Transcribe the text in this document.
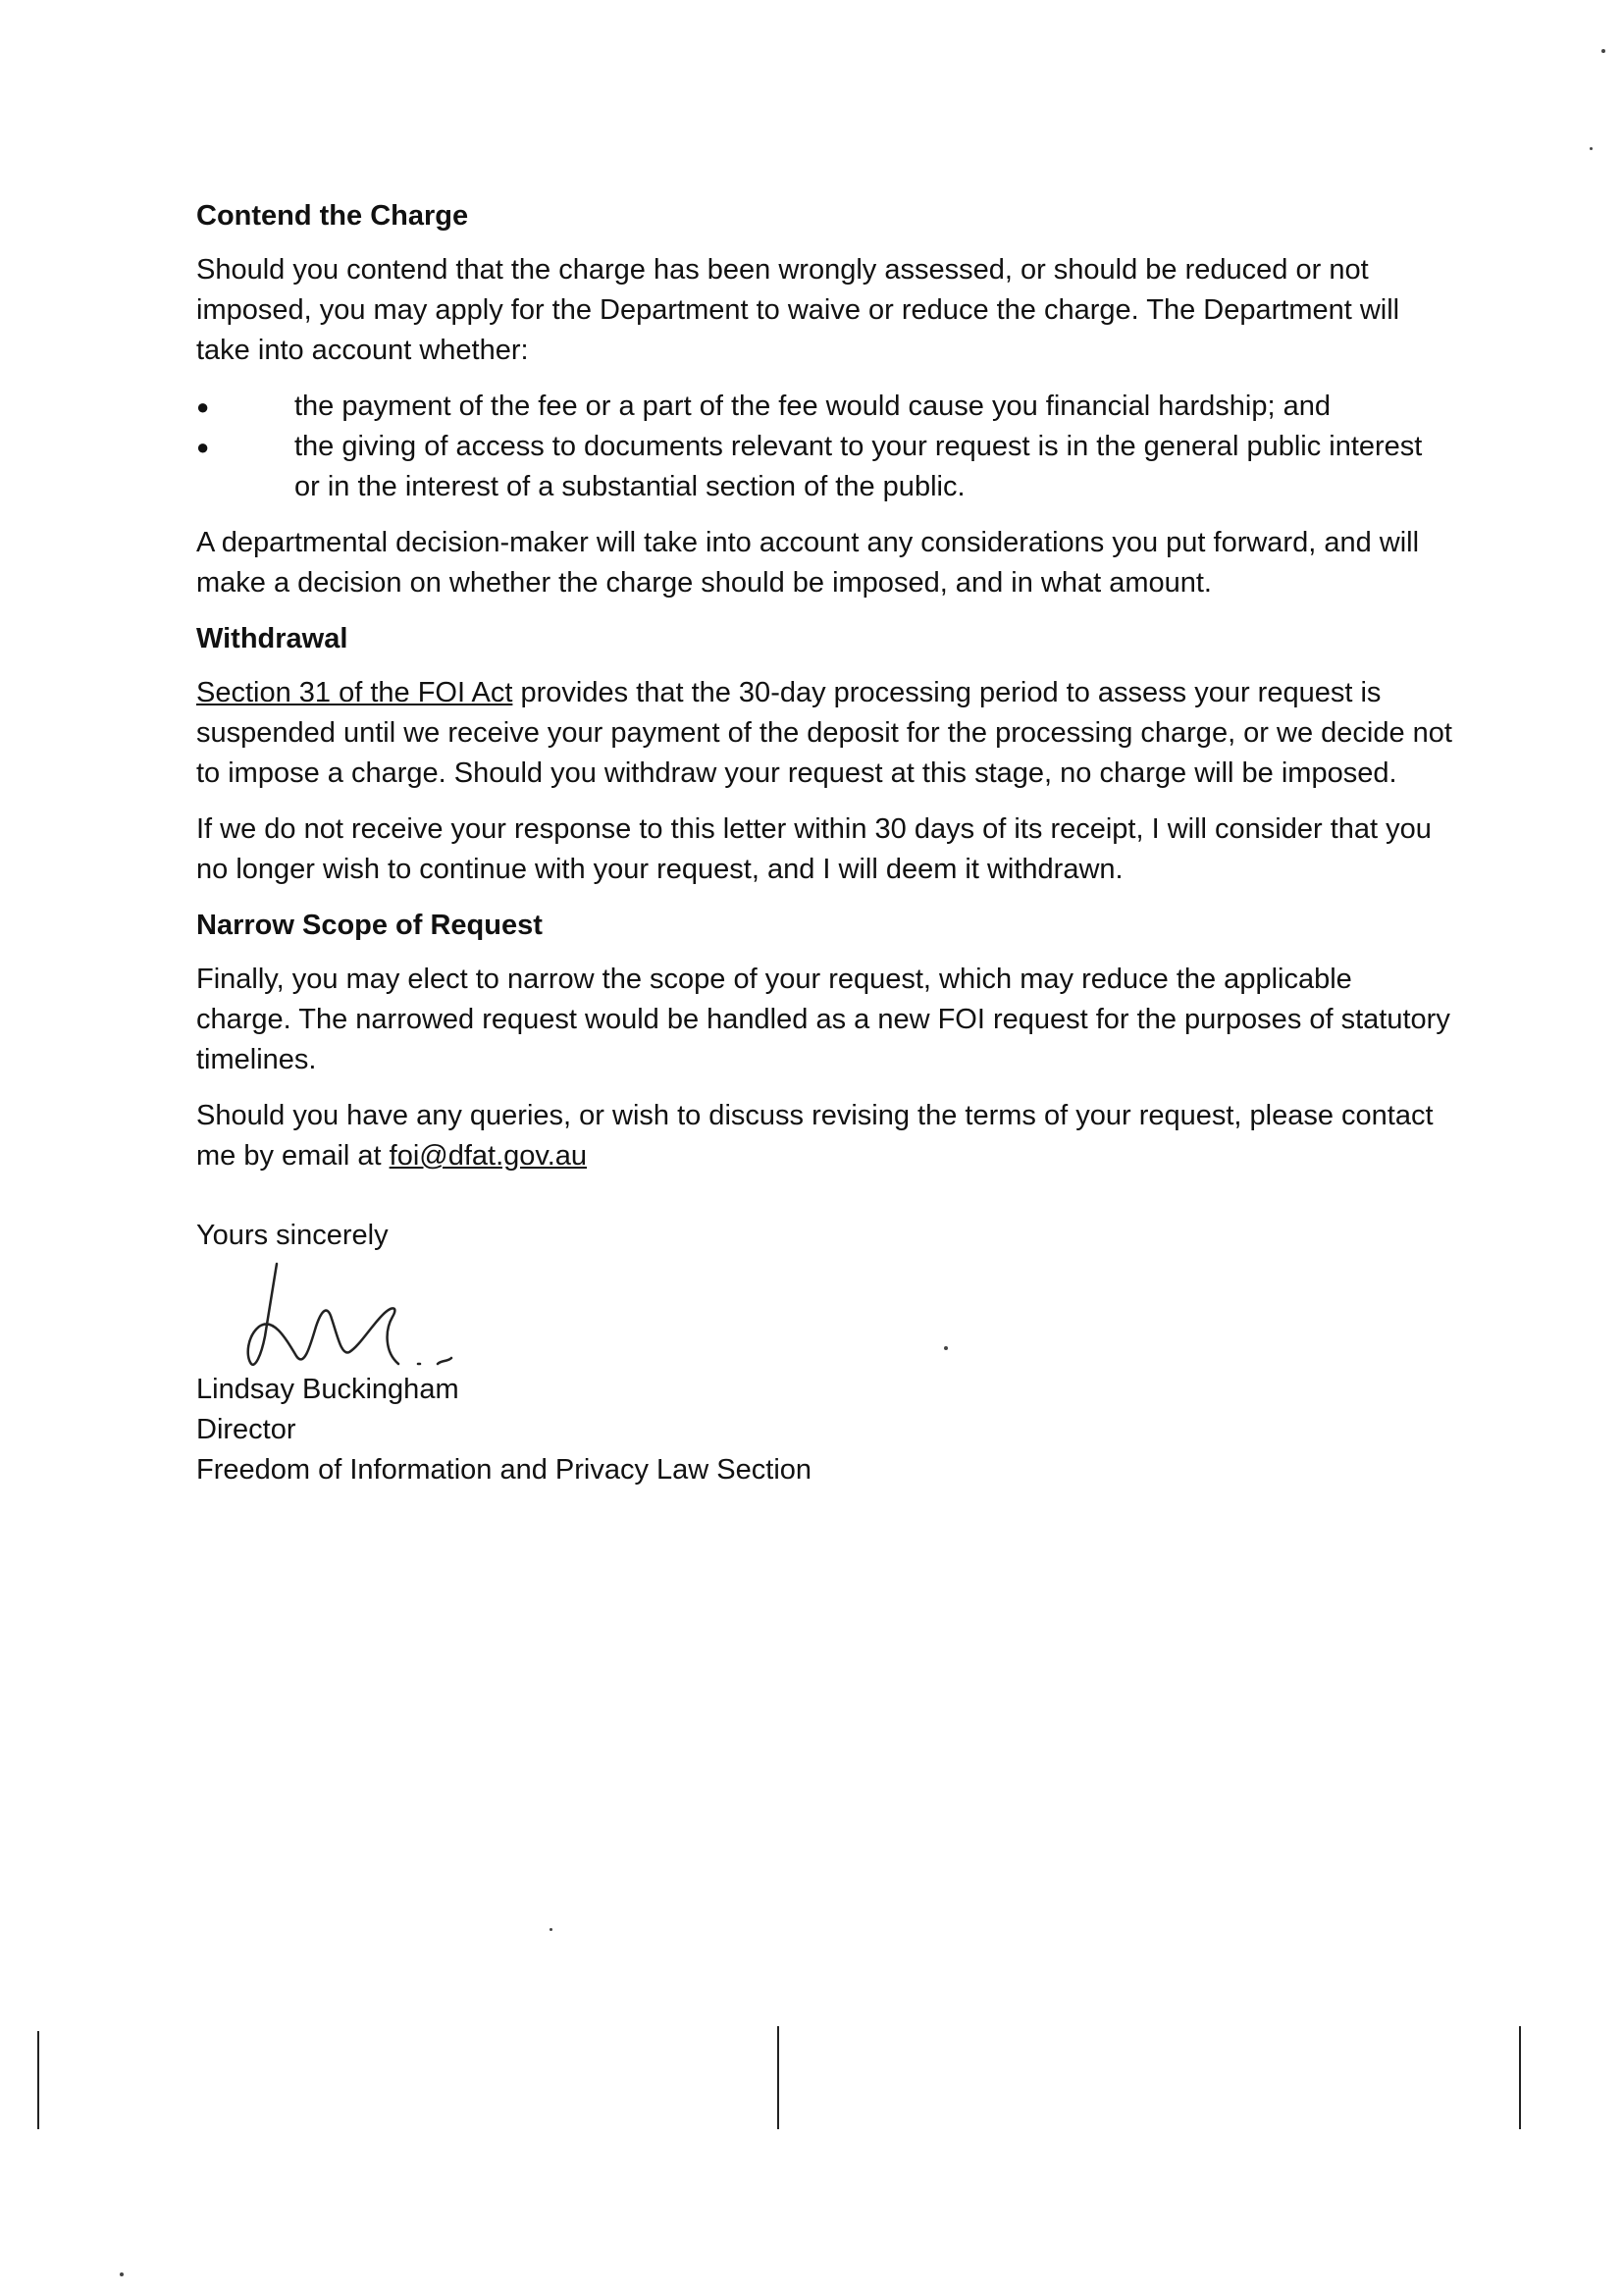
Contend the Charge

Should you contend that the charge has been wrongly assessed, or should be reduced or not imposed, you may apply for the Department to waive or reduce the charge. The Department will take into account whether:

●	the payment of the fee or a part of the fee would cause you financial hardship; and
●	the giving of access to documents relevant to your request is in the general public interest or in the interest of a substantial section of the public.

A departmental decision-maker will take into account any considerations you put forward, and will make a decision on whether the charge should be imposed, and in what amount.

Withdrawal

Section 31 of the FOI Act provides that the 30-day processing period to assess your request is suspended until we receive your payment of the deposit for the processing charge, or we decide not to impose a charge. Should you withdraw your request at this stage, no charge will be imposed.

If we do not receive your response to this letter within 30 days of its receipt, I will consider that you no longer wish to continue with your request, and I will deem it withdrawn.

Narrow Scope of Request

Finally, you may elect to narrow the scope of your request, which may reduce the applicable charge. The narrowed request would be handled as a new FOI request for the purposes of statutory timelines.

Should you have any queries, or wish to discuss revising the terms of your request, please contact me by email at foi@dfat.gov.au

Yours sincerely

Lindsay Buckingham

Director

Freedom of Information and Privacy Law Section
